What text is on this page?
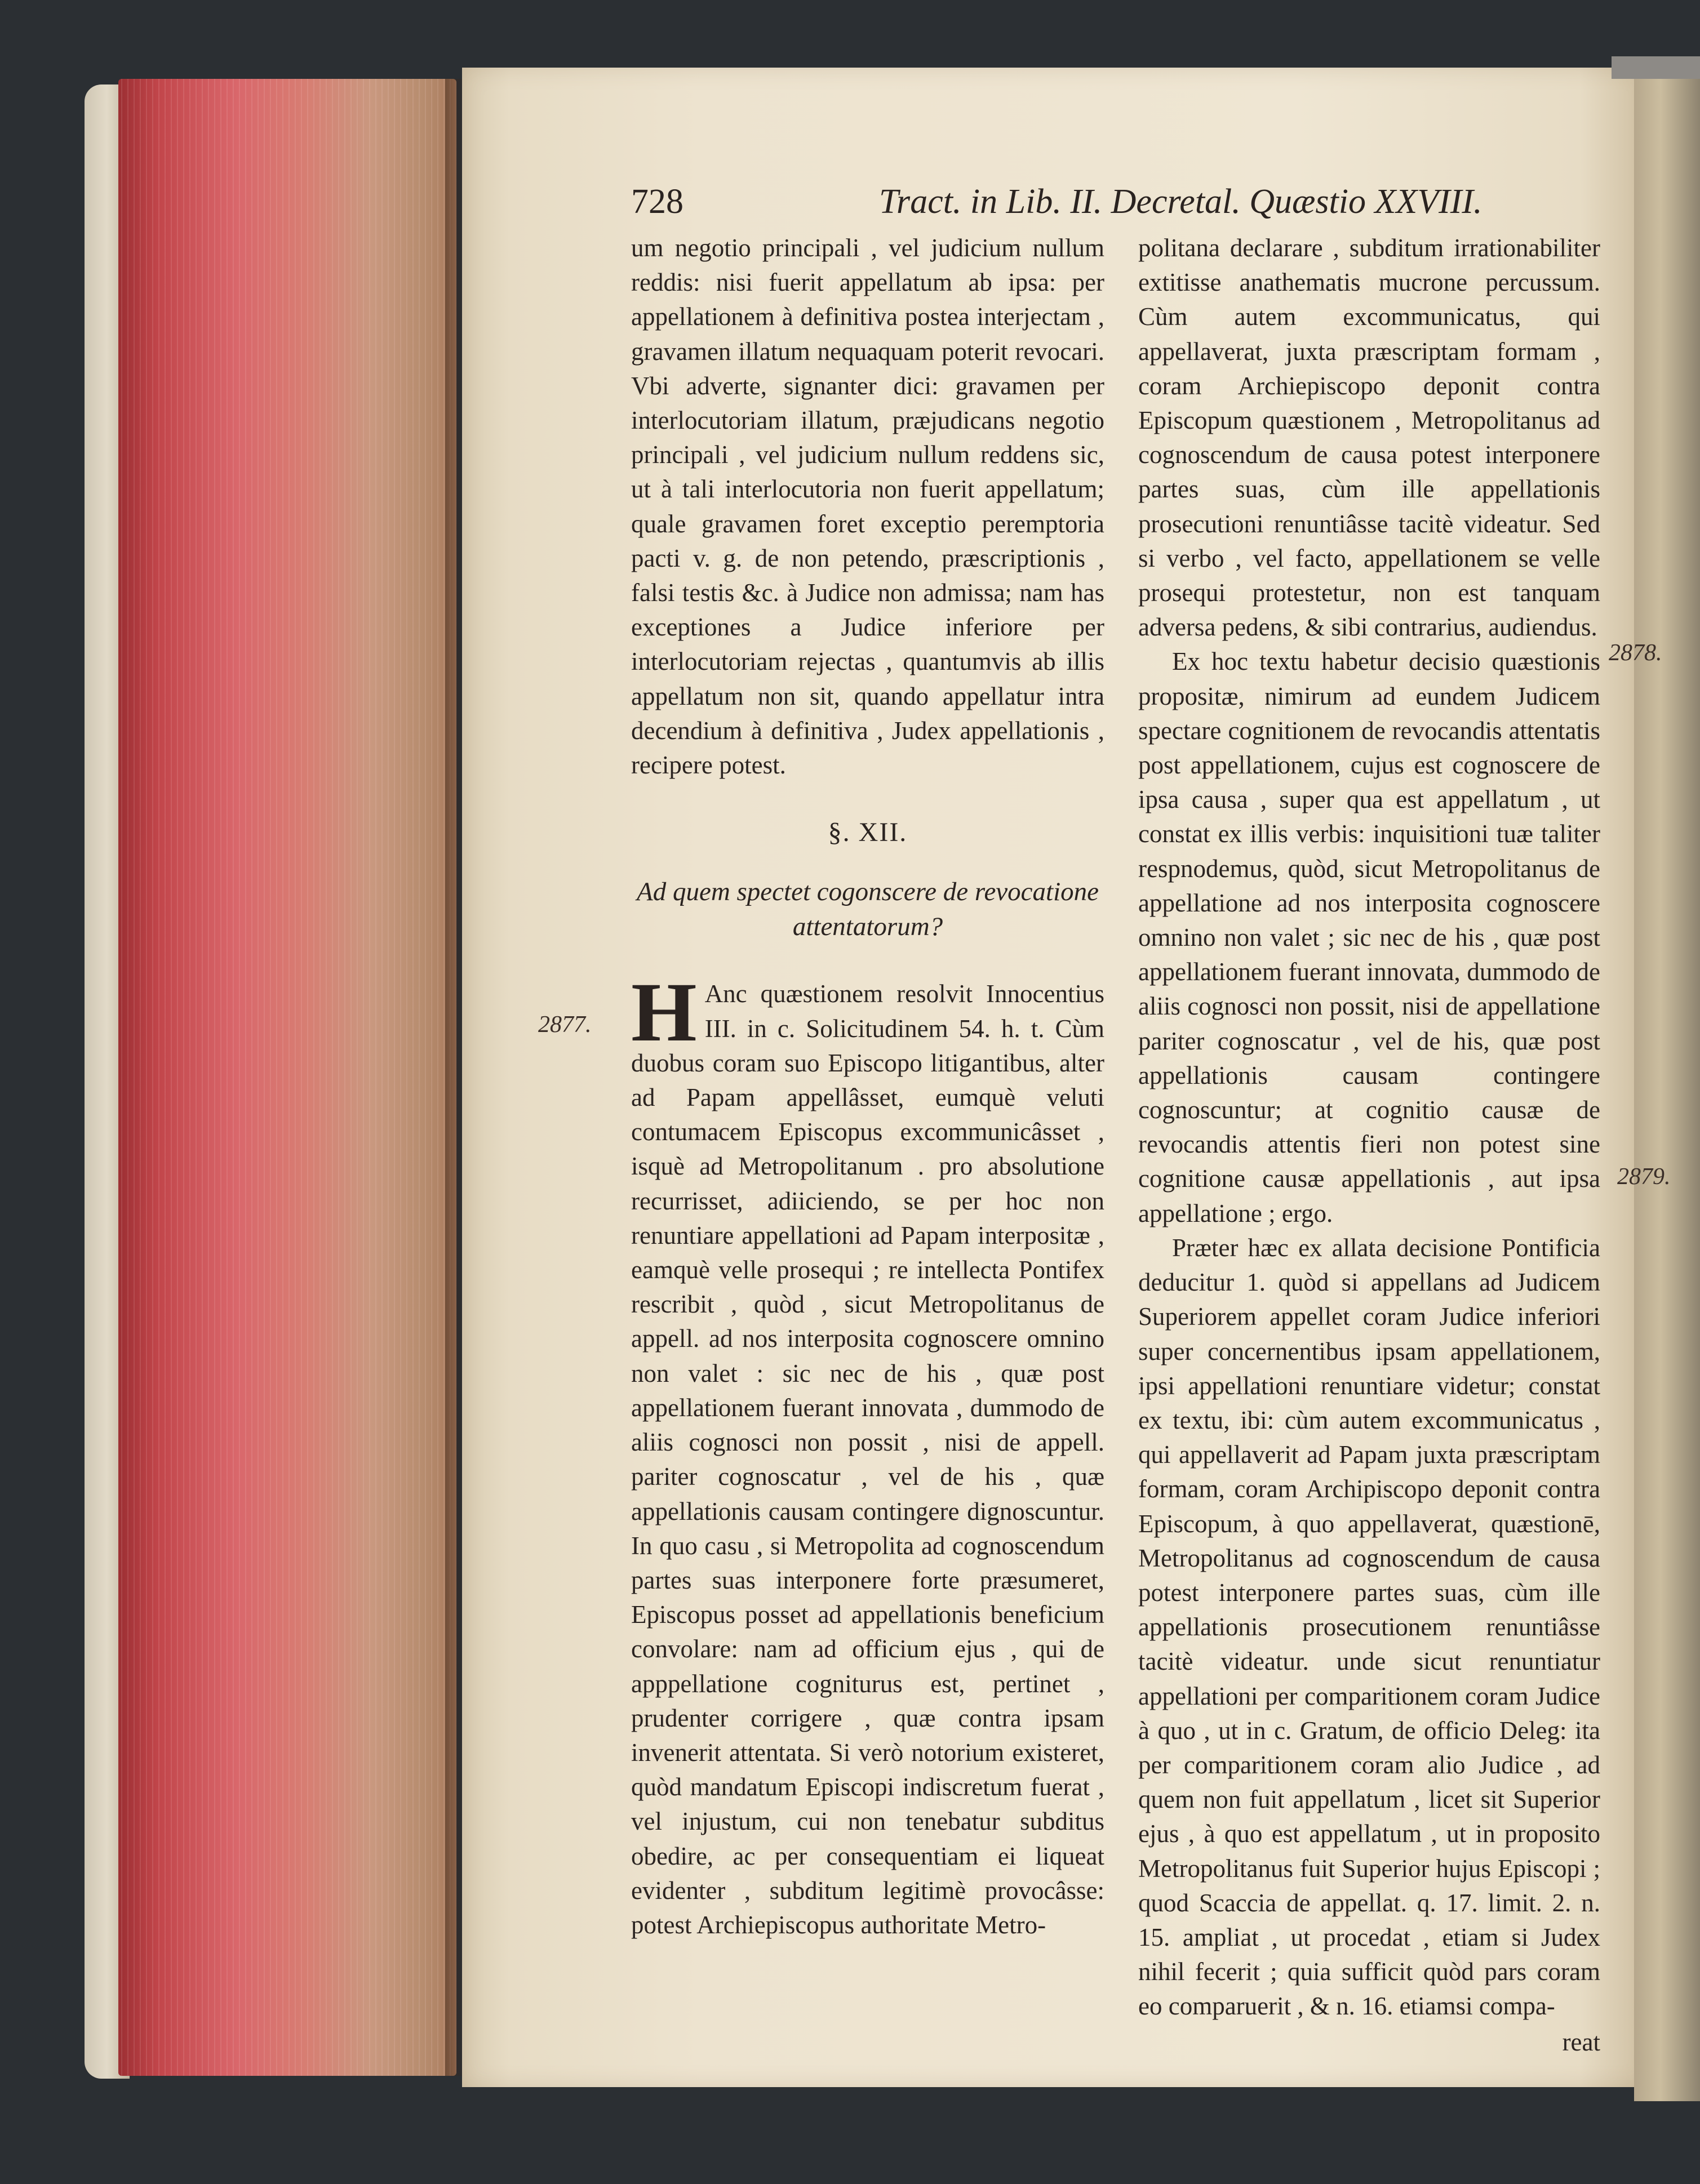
728	Tract. in Lib. II. Decretal. Quæstio XXVIII.

um negotio principali , vel judicium nullum reddis: nisi fuerit appellatum ab ipsa: per appellationem à definitiva postea interjectam , gravamen illatum nequaquam poterit revocari. Vbi adverte, signanter dici: gravamen per interlocutoriam illatum, præjudicans negotio principali , vel judicium nullum reddens sic, ut à tali interlocutoria non fuerit appellatum; quale gravamen foret exceptio peremptoria pacti v. g. de non petendo, præscriptionis , falsi testis &c. à Judice non admissa; nam has exceptiones a Judice inferiore per interlocutoriam rejectas , quantumvis ab illis appellatum non sit, quando appellatur intra decendium à definitiva , Judex appellationis , recipere potest.

§. XII.
Ad quem spectet cogonscere de revocatione attentatorum?

H Anc quæstionem resolvit Innocentius III. in c. Solicitudinem 54. h. t. Cùm duobus coram suo Episcopo litigantibus, alter ad Papam appellâsset, eumquè veluti contumacem Episcopus excommunicâsset , isquè ad Metropolitanum . pro absolutione recurrisset, adiiciendo, se per hoc non renuntiare appellationi ad Papam interpositæ , eamquè velle prosequi ; re intellecta Pontifex rescribit , quòd , sicut Metropolitanus de appell. ad nos interposita cognoscere omnino non valet : sic nec de his , quæ post appellationem fuerant innovata , dummodo de aliis cognosci non possit , nisi de appell. pariter cognoscatur , vel de his , quæ appellationis causam contingere dignoscuntur. In quo casu , si Metropolita ad cognoscendum partes suas interponere forte præsumeret, Episcopus posset ad appellationis beneficium convolare: nam ad officium ejus , qui de apppellatione cogniturus est, pertinet , prudenter corrigere , quæ contra ipsam invenerit attentata. Si verò notorium existeret, quòd mandatum Episcopi indiscretum fuerat , vel injustum, cui non tenebatur subditus obedire, ac per consequentiam ei liqueat evidenter , subditum legitimè provocâsse: potest Archiepiscopus authoritate Metro-

politana declarare , subditum irrationabiliter extitisse anathematis mucrone percussum. Cùm autem excommunicatus, qui appellaverat, juxta præscriptam formam , coram Archiepiscopo deponit contra Episcopum quæstionem , Metropolitanus ad cognoscendum de causa potest interponere partes suas, cùm ille appellationis prosecutioni renuntiâsse tacitè videatur. Sed si verbo , vel facto, appellationem se velle prosequi protestetur, non est tanquam adversa pedens, & sibi contrarius, audiendus.

Ex hoc textu habetur decisio quæstionis propositæ, nimirum ad eundem Judicem spectare cognitionem de revocandis attentatis post appellationem, cujus est cognoscere de ipsa causa , super qua est appellatum , ut constat ex illis verbis: inquisitioni tuæ taliter respnodemus, quòd, sicut Metropolitanus de appellatione ad nos interposita cognoscere omnino non valet ; sic nec de his , quæ post appellationem fuerant innovata, dummodo de aliis cognosci non possit, nisi de appellatione pariter cognoscatur , vel de his, quæ post appellationis causam contingere cognoscuntur; at cognitio causæ de revocandis attentis fieri non potest sine cognitione causæ appellationis , aut ipsa appellatione ; ergo.

Præter hæc ex allata decisione Pontificia deducitur 1. quòd si appellans ad Judicem Superiorem appellet coram Judice inferiori super concernentibus ipsam appellationem, ipsi appellationi renuntiare videtur; constat ex textu, ibi: cùm autem excommunicatus , qui appellaverit ad Papam juxta præscriptam formam, coram Archipiscopo deponit contra Episcopum, à quo appellaverat, quæstionē, Metropolitanus ad cognoscendum de causa potest interponere partes suas, cùm ille appellationis prosecutionem renuntiâsse tacitè videatur. unde sicut renuntiatur appellationi per comparitionem coram Judice à quo , ut in c. Gratum, de officio Deleg: ita per comparitionem coram alio Judice , ad quem non fuit appellatum , licet sit Superior ejus , à quo est appellatum , ut in proposito Metropolitanus fuit Superior hujus Episcopi ; quod Scaccia de appellat. q. 17. limit. 2. n. 15. ampliat , ut procedat , etiam si Judex nihil fecerit ; quia sufficit quòd pars coram eo comparuerit , & n. 16. etiamsi compa-

reat

2877.
2878.
2879.
